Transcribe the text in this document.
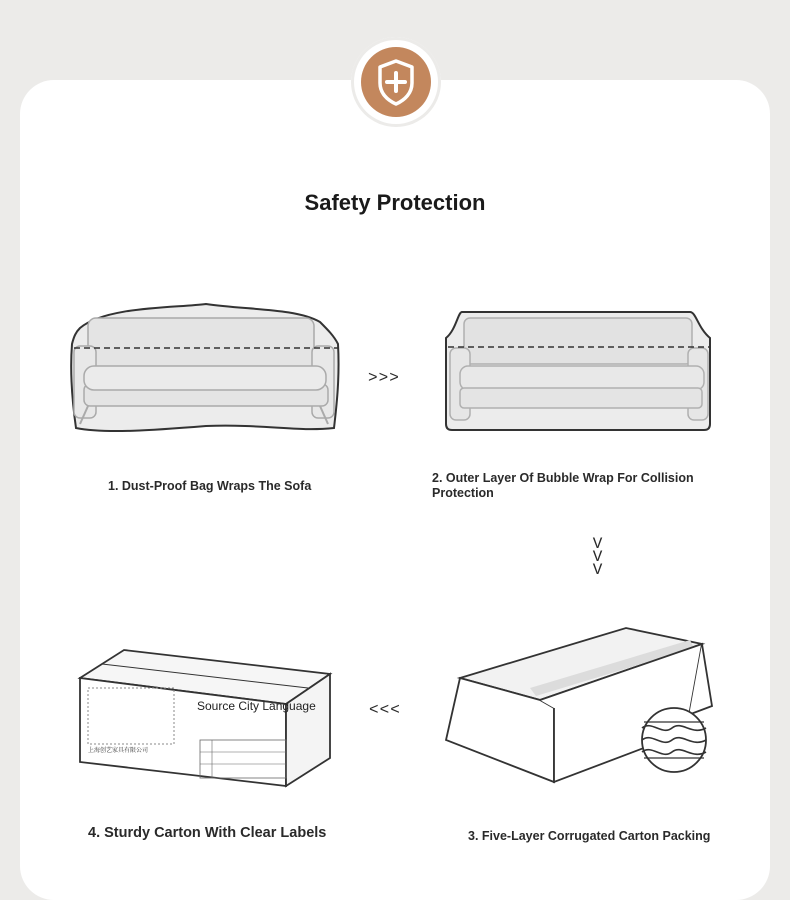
Safety Protection
>>>
V
V
V
<<<
Source City Language
上海创艺家具有限公司
1. Dust-Proof Bag Wraps The Sofa
2. Outer Layer Of Bubble Wrap For Collision Protection
3. Five-Layer Corrugated Carton Packing
4. Sturdy Carton With Clear Labels
